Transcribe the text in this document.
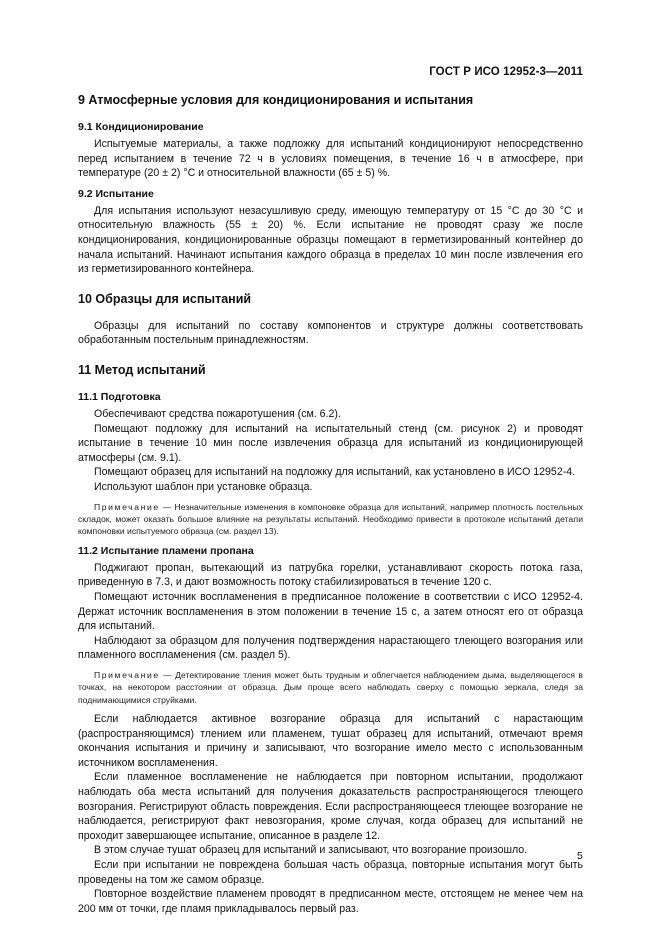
ГОСТ Р ИСО 12952-3—2011
9 Атмосферные условия для кондиционирования и испытания
9.1 Кондиционирование

Испытуемые материалы, а также подложку для испытаний кондиционируют непосредственно перед испытанием в течение 72 ч в условиях помещения, в течение 16 ч в атмосфере, при температуре (20 ± 2) °С и относительной влажности (65 ± 5) %.

9.2 Испытание

Для испытания используют незасушливую среду, имеющую температуру от 15 °С до 30 °С и относительную влажность (55 ± 20) %. Если испытание не проводят сразу же после кондиционирования, кондиционированные образцы помещают в герметизированный контейнер до начала испытаний. Начинают испытания каждого образца в пределах 10 мин после извлечения его из герметизированного контейнера.

10 Образцы для испытаний

Образцы для испытаний по составу компонентов и структуре должны соответствовать обработанным постельным принадлежностям.

11 Метод испытаний
11.1 Подготовка

Обеспечивают средства пожаротушения (см. 6.2).

Помещают подложку для испытаний на испытательный стенд (см. рисунок 2) и проводят испытание в течение 10 мин после извлечения образца для испытаний из кондиционирующей атмосферы (см. 9.1).

Помещают образец для испытаний на подложку для испытаний, как установлено в ИСО 12952-4.

Используют шаблон при установке образца.

Примечание — Незначительные изменения в компоновке образца для испытаний, например плотность постельных складок, может оказать большое влияние на результаты испытаний. Необходимо привести в протоколе испытаний детали компоновки испытуемого образца (см. раздел 13).
11.2 Испытание пламени пропана

Поджигают пропан, вытекающий из патрубка горелки, устанавливают скорость потока газа, приведенную в 7.3, и дают возможность потоку стабилизироваться в течение 120 с.

Помещают источник воспламенения в предписанное положение в соответствии с ИСО 12952-4. Держат источник воспламенения в этом положении в течение 15 с, а затем относят его от образца для испытаний.

Наблюдают за образцом для получения подтверждения нарастающего тлеющего возгорания или пламенного воспламенения (см. раздел 5).

Примечание — Детектирование тления может быть трудным и облегчается наблюдением дыма, выделяющегося в точках, на некотором расстоянии от образца. Дым проще всего наблюдать сверху с помощью зеркала, следя за поднимающимися струйками.

Если наблюдается активное возгорание образца для испытаний с нарастающим (распространяющимся) тлением или пламенем, тушат образец для испытаний, отмечают время окончания испытания и причину и записывают, что возгорание имело место с использованным источником воспламенения.

Если пламенное воспламенение не наблюдается при повторном испытании, продолжают наблюдать оба места испытаний для получения доказательств распространяющегося тлеющего возгорания. Регистрируют область повреждения. Если распространяющееся тлеющее возгорание не наблюдается, регистрируют факт невозгорания, кроме случая, когда образец для испытаний не проходит завершающее испытание, описанное в разделе 12.

В этом случае тушат образец для испытаний и записывают, что возгорание произошло.

Если при испытании не повреждена большая часть образца, повторные испытания могут быть проведены на том же самом образце.

Повторное воздействие пламенем проводят в предписанном месте, отстоящем не менее чем на 200 мм от точки, где пламя прикладывалось первый раз.

5
